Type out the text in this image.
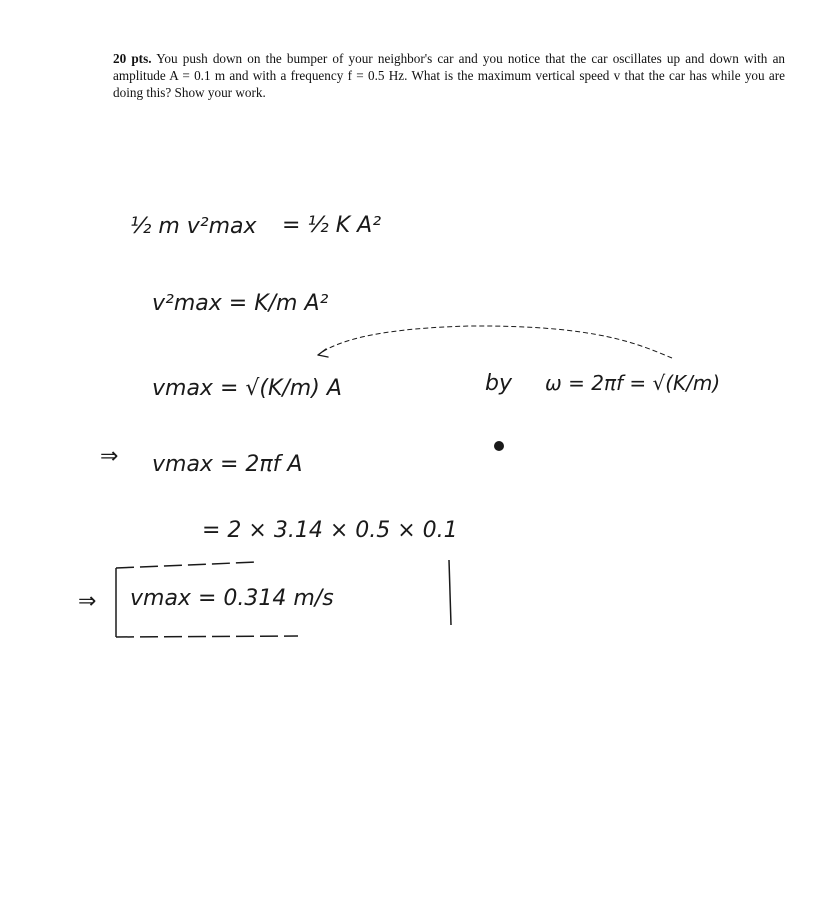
20 pts. You push down on the bumper of your neighbor's car and you notice that the car oscillates up and down with an amplitude A = 0.1 m and with a frequency f = 0.5 Hz. What is the maximum vertical speed v that the car has while you are doing this? Show your work.
½ m v²max = ½ K A²
v²max = K/m A²
vmax = √(K/m) A	by ω = 2πf = √(K/m)
⇒ vmax = 2πf A
= 2 × 3.14 × 0.5 × 0.1
⇒ vmax = 0.314 m/s
